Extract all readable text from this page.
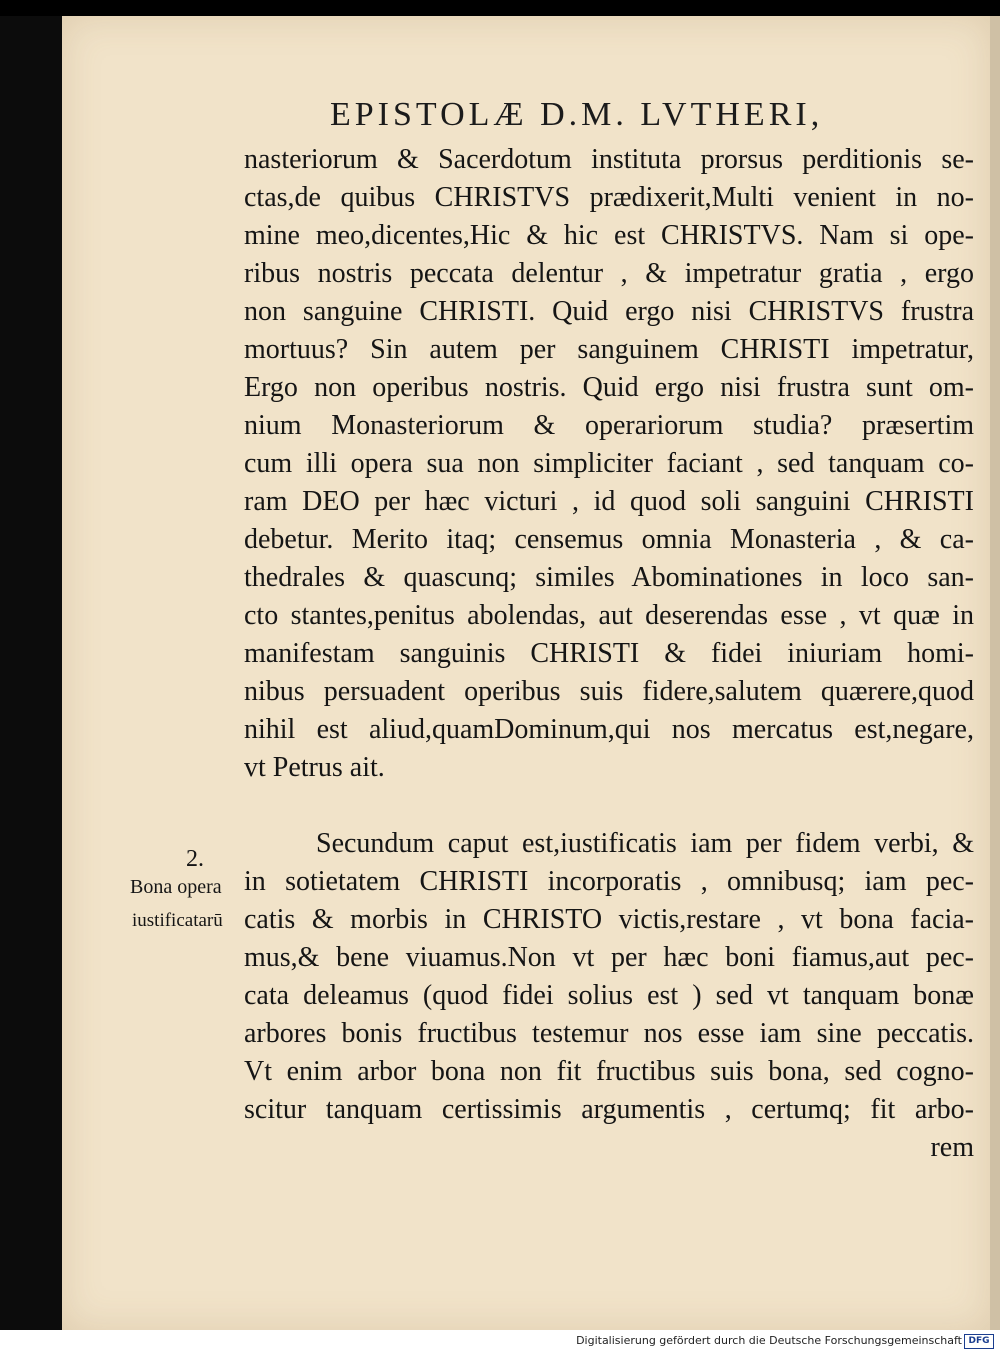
EPISTOLÆ D.M. LVTHERI,
nasteriorum & Sacerdotum instituta prorsus perditionis se-
ctas,de quibus CHRISTVS prædixerit,Multi venient in no-
mine meo,dicentes,Hic & hic est CHRISTVS. Nam si ope-
ribus nostris peccata delentur , & impetratur gratia , ergo
non sanguine CHRISTI. Quid ergo nisi CHRISTVS frustra
mortuus? Sin autem per sanguinem CHRISTI impetratur,
Ergo non operibus nostris. Quid ergo nisi frustra sunt om-
nium Monasteriorum & operariorum studia? præsertim
cum illi opera sua non simpliciter faciant , sed tanquam co-
ram DEO per hæc victuri , id quod soli sanguini CHRISTI
debetur. Merito itaq; censemus omnia Monasteria , & ca-
thedrales & quascunq; similes Abominationes in loco san-
cto stantes,penitus abolendas, aut deserendas esse , vt quæ in
manifestam sanguinis CHRISTI & fidei iniuriam homi-
nibus persuadent operibus suis fidere,salutem quærere,quod
nihil est aliud,quamDominum,qui nos mercatus est,negare,
vt Petrus ait.
2.
Bona opera
iustificatarū
Secundum caput est,iustificatis iam per fidem verbi, &
in sotietatem CHRISTI incorporatis , omnibusq; iam pec-
catis & morbis in CHRISTO victis,restare , vt bona facia-
mus,& bene viuamus.Non vt per hæc boni fiamus,aut pec-
cata deleamus (quod fidei solius est ) sed vt tanquam bonæ
arbores bonis fructibus testemur nos esse iam sine peccatis.
Vt enim arbor bona non fit fructibus suis bona, sed cogno-
scitur tanquam certissimis argumentis , certumq; fit arbo-
rem
Digitalisierung gefördert durch die Deutsche Forschungsgemeinschaft DFG
